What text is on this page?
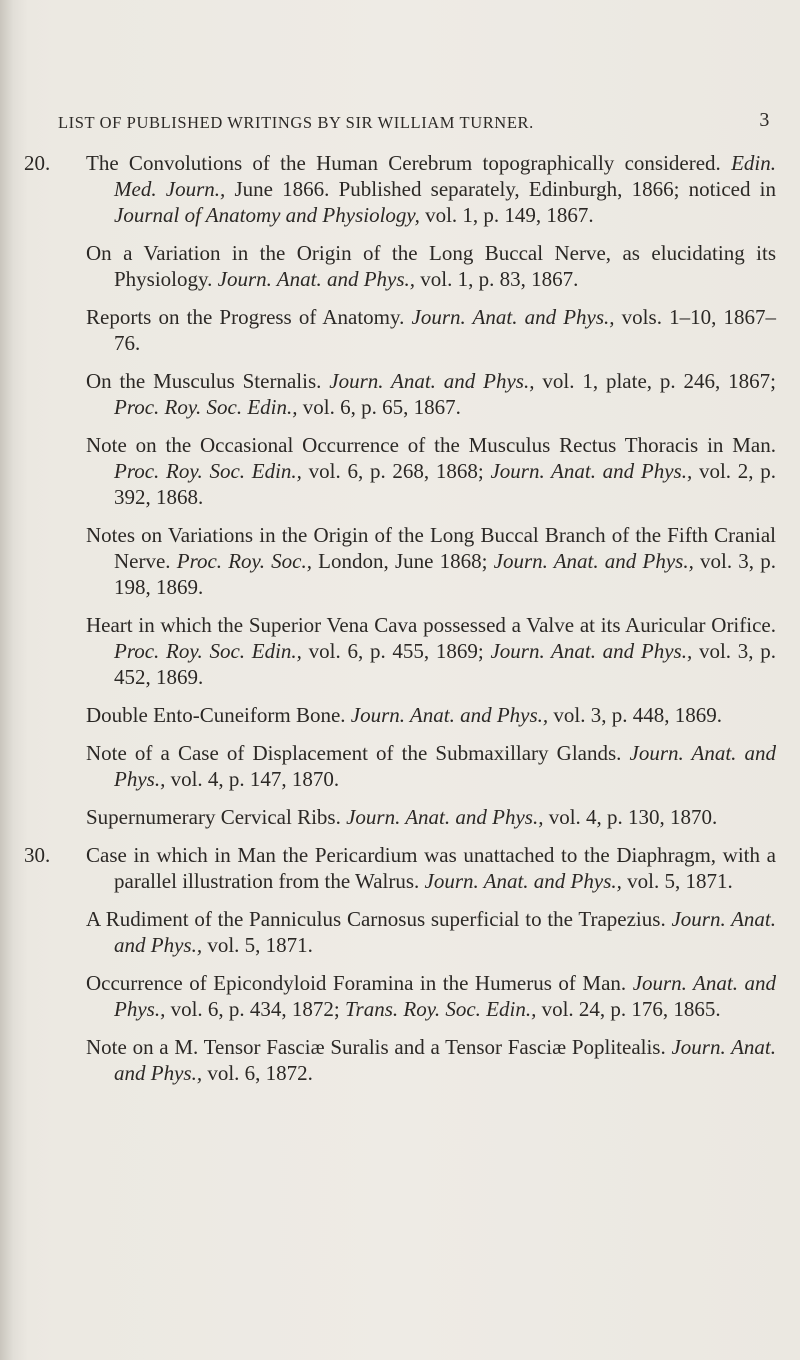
LIST OF PUBLISHED WRITINGS BY SIR WILLIAM TURNER.	3
20.	The Convolutions of the Human Cerebrum topographically considered. Edin. Med. Journ., June 1866. Published separately, Edinburgh, 1866; noticed in Journal of Anatomy and Physiology, vol. 1, p. 149, 1867.
On a Variation in the Origin of the Long Buccal Nerve, as elucidating its Physiology. Journ. Anat. and Phys., vol. 1, p. 83, 1867.
Reports on the Progress of Anatomy. Journ. Anat. and Phys., vols. 1–10, 1867–76.
On the Musculus Sternalis. Journ. Anat. and Phys., vol. 1, plate, p. 246, 1867; Proc. Roy. Soc. Edin., vol. 6, p. 65, 1867.
Note on the Occasional Occurrence of the Musculus Rectus Thoracis in Man. Proc. Roy. Soc. Edin., vol. 6, p. 268, 1868; Journ. Anat. and Phys., vol. 2, p. 392, 1868.
Notes on Variations in the Origin of the Long Buccal Branch of the Fifth Cranial Nerve. Proc. Roy. Soc., London, June 1868; Journ. Anat. and Phys., vol. 3, p. 198, 1869.
Heart in which the Superior Vena Cava possessed a Valve at its Auricular Orifice. Proc. Roy. Soc. Edin., vol. 6, p. 455, 1869; Journ. Anat. and Phys., vol. 3, p. 452, 1869.
Double Ento-Cuneiform Bone. Journ. Anat. and Phys., vol. 3, p. 448, 1869.
Note of a Case of Displacement of the Submaxillary Glands. Journ. Anat. and Phys., vol. 4, p. 147, 1870.
Supernumerary Cervical Ribs. Journ. Anat. and Phys., vol. 4, p. 130, 1870.
30.	Case in which in Man the Pericardium was unattached to the Diaphragm, with a parallel illustration from the Walrus. Journ. Anat. and Phys., vol. 5, 1871.
A Rudiment of the Panniculus Carnosus superficial to the Trapezius. Journ. Anat. and Phys., vol. 5, 1871.
Occurrence of Epicondyloid Foramina in the Humerus of Man. Journ. Anat. and Phys., vol. 6, p. 434, 1872; Trans. Roy. Soc. Edin., vol. 24, p. 176, 1865.
Note on a M. Tensor Fasciæ Suralis and a Tensor Fasciæ Poplitealis. Journ. Anat. and Phys., vol. 6, 1872.
